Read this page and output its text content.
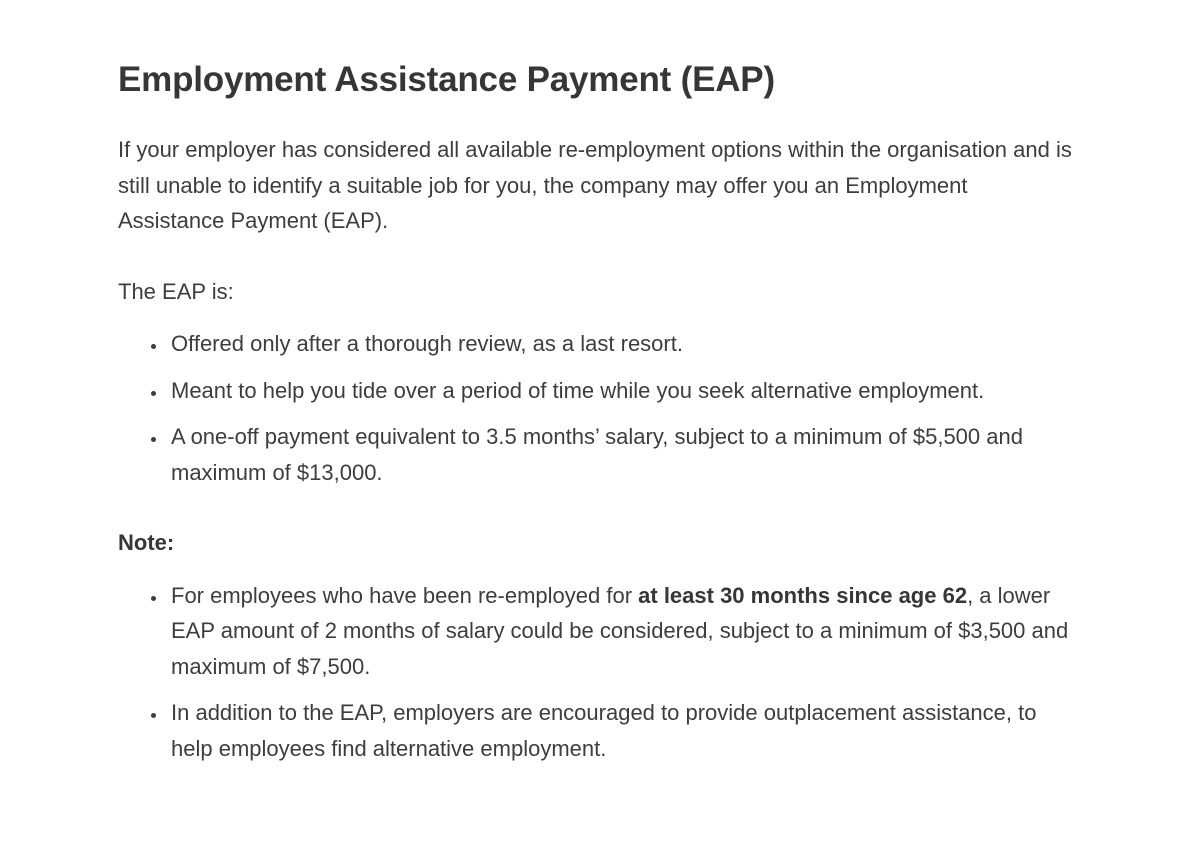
Employment Assistance Payment (EAP)

If your employer has considered all available re-employment options within the organisation and is still unable to identify a suitable job for you, the company may offer you an Employment Assistance Payment (EAP).

The EAP is:

• Offered only after a thorough review, as a last resort.
• Meant to help you tide over a period of time while you seek alternative employment.
• A one-off payment equivalent to 3.5 months’ salary, subject to a minimum of $5,500 and maximum of $13,000.

Note:

• For employees who have been re-employed for at least 30 months since age 62, a lower EAP amount of 2 months of salary could be considered, subject to a minimum of $3,500 and maximum of $7,500.
• In addition to the EAP, employers are encouraged to provide outplacement assistance, to help employees find alternative employment.
